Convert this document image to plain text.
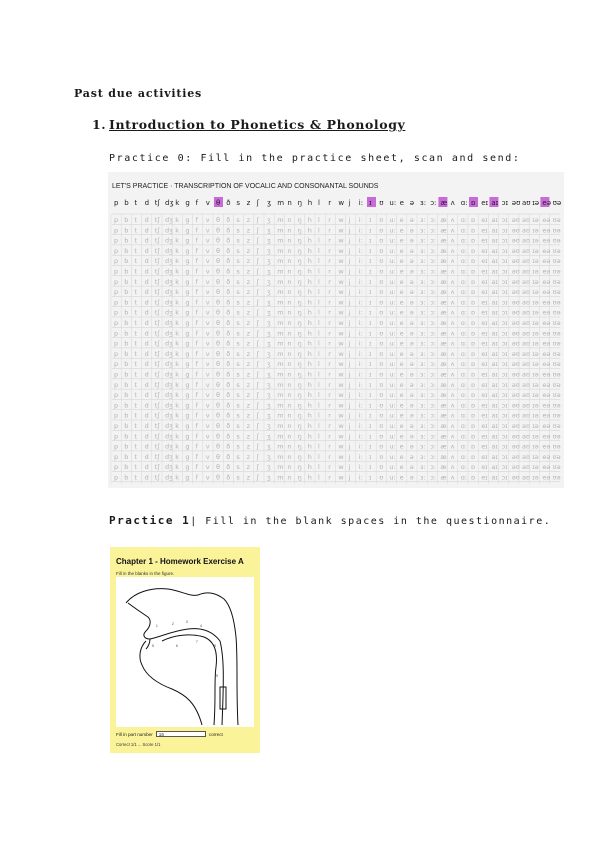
Past due activities
1. Introduction to Phonetics & Phonology
Practice 0: Fill in the practice sheet, scan and send:
LET'S PRACTICE · TRANSCRIPTION OF VOCALIC AND CONSONANTAL SOUNDS
p b t d tʃ dʒ k g f v θ ð s z ʃ ʒ m n ŋ h l r w j i: ɪ ʊ u: e ə ɜ: ɔ: æ ʌ ɑ: ɒ eɪ aɪ ɔɪ əʊ aʊ ɪə eə ʊə
p b t d tʃ dʒ k g f v θ ð s z ʃ ʒ m n ŋ h l r w j i: ɪ ʊ u: e ə ɜ: ɔ: æ ʌ ɑ: ɒ eɪ aɪ ɔɪ əʊ aʊ ɪə eə ʊə
p b t d tʃ dʒ k g f v θ ð s z ʃ ʒ m n ŋ h l r w j i: ɪ ʊ u: e ə ɜ: ɔ: æ ʌ ɑ: ɒ eɪ aɪ ɔɪ əʊ aʊ ɪə eə ʊə
p b t d tʃ dʒ k g f v θ ð s z ʃ ʒ m n ŋ h l r w j i: ɪ ʊ u: e ə ɜ: ɔ: æ ʌ ɑ: ɒ eɪ aɪ ɔɪ əʊ aʊ ɪə eə ʊə
p b t d tʃ dʒ k g f v θ ð s z ʃ ʒ m n ŋ h l r w j i: ɪ ʊ u: e ə ɜ: ɔ: æ ʌ ɑ: ɒ eɪ aɪ ɔɪ əʊ aʊ ɪə eə ʊə
p b t d tʃ dʒ k g f v θ ð s z ʃ ʒ m n ŋ h l r w j i: ɪ ʊ u: e ə ɜ: ɔ: æ ʌ ɑ: ɒ eɪ aɪ ɔɪ əʊ aʊ ɪə eə ʊə
p b t d tʃ dʒ k g f v θ ð s z ʃ ʒ m n ŋ h l r w j i: ɪ ʊ u: e ə ɜ: ɔ: æ ʌ ɑ: ɒ eɪ aɪ ɔɪ əʊ aʊ ɪə eə ʊə
p b t d tʃ dʒ k g f v θ ð s z ʃ ʒ m n ŋ h l r w j i: ɪ ʊ u: e ə ɜ: ɔ: æ ʌ ɑ: ɒ eɪ aɪ ɔɪ əʊ aʊ ɪə eə ʊə
p b t d tʃ dʒ k g f v θ ð s z ʃ ʒ m n ŋ h l r w j i: ɪ ʊ u: e ə ɜ: ɔ: æ ʌ ɑ: ɒ eɪ aɪ ɔɪ əʊ aʊ ɪə eə ʊə
p b t d tʃ dʒ k g f v θ ð s z ʃ ʒ m n ŋ h l r w j i: ɪ ʊ u: e ə ɜ: ɔ: æ ʌ ɑ: ɒ eɪ aɪ ɔɪ əʊ aʊ ɪə eə ʊə
p b t d tʃ dʒ k g f v θ ð s z ʃ ʒ m n ŋ h l r w j i: ɪ ʊ u: e ə ɜ: ɔ: æ ʌ ɑ: ɒ eɪ aɪ ɔɪ əʊ aʊ ɪə eə ʊə
p b t d tʃ dʒ k g f v θ ð s z ʃ ʒ m n ŋ h l r w j i: ɪ ʊ u: e ə ɜ: ɔ: æ ʌ ɑ: ɒ eɪ aɪ ɔɪ əʊ aʊ ɪə eə ʊə
p b t d tʃ dʒ k g f v θ ð s z ʃ ʒ m n ŋ h l r w j i: ɪ ʊ u: e ə ɜ: ɔ: æ ʌ ɑ: ɒ eɪ aɪ ɔɪ əʊ aʊ ɪə eə ʊə
p b t d tʃ dʒ k g f v θ ð s z ʃ ʒ m n ŋ h l r w j i: ɪ ʊ u: e ə ɜ: ɔ: æ ʌ ɑ: ɒ eɪ aɪ ɔɪ əʊ aʊ ɪə eə ʊə
p b t d tʃ dʒ k g f v θ ð s z ʃ ʒ m n ŋ h l r w j i: ɪ ʊ u: e ə ɜ: ɔ: æ ʌ ɑ: ɒ eɪ aɪ ɔɪ əʊ aʊ ɪə eə ʊə
p b t d tʃ dʒ k g f v θ ð s z ʃ ʒ m n ŋ h l r w j i: ɪ ʊ u: e ə ɜ: ɔ: æ ʌ ɑ: ɒ eɪ aɪ ɔɪ əʊ aʊ ɪə eə ʊə
p b t d tʃ dʒ k g f v θ ð s z ʃ ʒ m n ŋ h l r w j i: ɪ ʊ u: e ə ɜ: ɔ: æ ʌ ɑ: ɒ eɪ aɪ ɔɪ əʊ aʊ ɪə eə ʊə
p b t d tʃ dʒ k g f v θ ð s z ʃ ʒ m n ŋ h l r w j i: ɪ ʊ u: e ə ɜ: ɔ: æ ʌ ɑ: ɒ eɪ aɪ ɔɪ əʊ aʊ ɪə eə ʊə
p b t d tʃ dʒ k g f v θ ð s z ʃ ʒ m n ŋ h l r w j i: ɪ ʊ u: e ə ɜ: ɔ: æ ʌ ɑ: ɒ eɪ aɪ ɔɪ əʊ aʊ ɪə eə ʊə
p b t d tʃ dʒ k g f v θ ð s z ʃ ʒ m n ŋ h l r w j i: ɪ ʊ u: e ə ɜ: ɔ: æ ʌ ɑ: ɒ eɪ aɪ ɔɪ əʊ aʊ ɪə eə ʊə
p b t d tʃ dʒ k g f v θ ð s z ʃ ʒ m n ŋ h l r w j i: ɪ ʊ u: e ə ɜ: ɔ: æ ʌ ɑ: ɒ eɪ aɪ ɔɪ əʊ aʊ ɪə eə ʊə
p b t d tʃ dʒ k g f v θ ð s z ʃ ʒ m n ŋ h l r w j i: ɪ ʊ u: e ə ɜ: ɔ: æ ʌ ɑ: ɒ eɪ aɪ ɔɪ əʊ aʊ ɪə eə ʊə
p b t d tʃ dʒ k g f v θ ð s z ʃ ʒ m n ŋ h l r w j i: ɪ ʊ u: e ə ɜ: ɔ: æ ʌ ɑ: ɒ eɪ aɪ ɔɪ əʊ aʊ ɪə eə ʊə
p b t d tʃ dʒ k g f v θ ð s z ʃ ʒ m n ŋ h l r w j i: ɪ ʊ u: e ə ɜ: ɔ: æ ʌ ɑ: ɒ eɪ aɪ ɔɪ əʊ aʊ ɪə eə ʊə
p b t d tʃ dʒ k g f v θ ð s z ʃ ʒ m n ŋ h l r w j i: ɪ ʊ u: e ə ɜ: ɔ: æ ʌ ɑ: ɒ eɪ aɪ ɔɪ əʊ aʊ ɪə eə ʊə
p b t d tʃ dʒ k g f v θ ð s z ʃ ʒ m n ŋ h l r w j i: ɪ ʊ u: e ə ɜ: ɔ: æ ʌ ɑ: ɒ eɪ aɪ ɔɪ əʊ aʊ ɪə eə ʊə
p b t d tʃ dʒ k g f v θ ð s z ʃ ʒ m n ŋ h l r w j i: ɪ ʊ u: e ə ɜ: ɔ: æ ʌ ɑ: ɒ eɪ aɪ ɔɪ əʊ aʊ ɪə eə ʊə
Practice 1| Fill in the blank spaces in the questionnaire.
Chapter 1 - Homework Exercise A
Fill in the blanks in the figure.
1	2	3
4
5	6
7
8
9
Fill in part number	16	correct
Correct 1/1 ... Score 1/1
